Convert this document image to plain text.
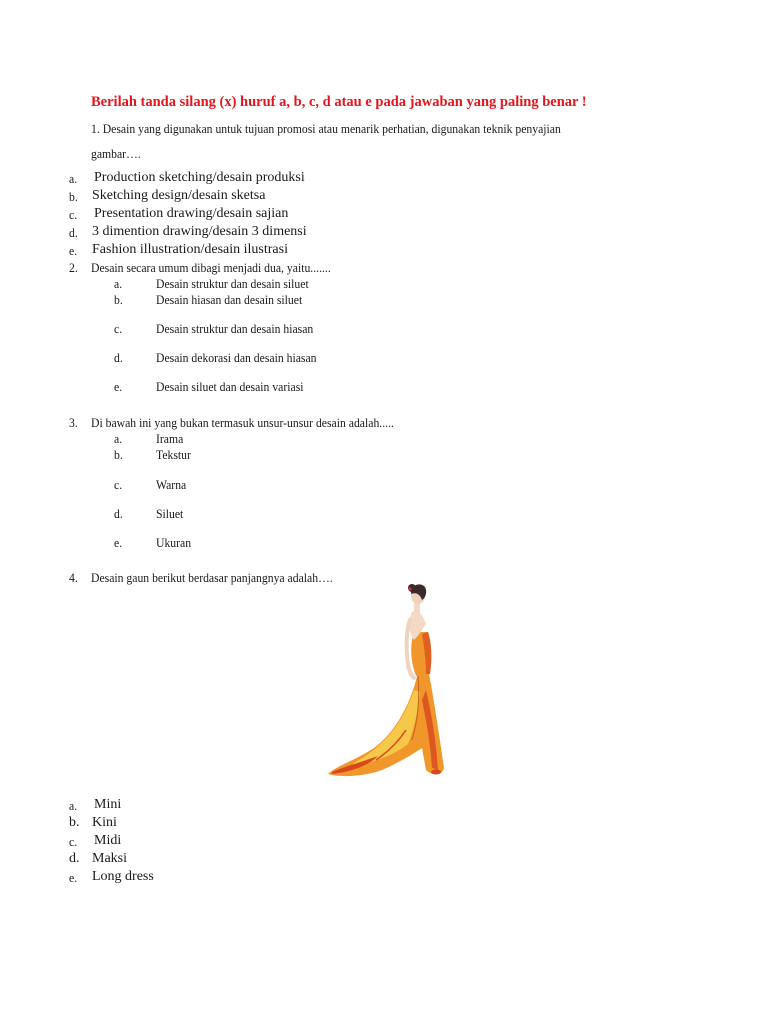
Berilah tanda silang (x) huruf a, b, c, d atau e pada jawaban yang paling benar !
1. Desain yang digunakan untuk tujuan promosi atau menarik perhatian, digunakan teknik penyajian
gambar….
a. Production sketching/desain produksi
b. Sketching design/desain sketsa
c. Presentation drawing/desain sajian
d. 3 dimention drawing/desain 3 dimensi
e. Fashion illustration/desain ilustrasi
2. Desain secara umum dibagi menjadi dua, yaitu.......
a.	Desain struktur dan desain siluet
b.	Desain hiasan dan desain siluet
c.	Desain struktur dan desain hiasan
d.	Desain dekorasi dan desain hiasan
e.	Desain siluet dan desain variasi
3. Di bawah ini yang bukan termasuk unsur-unsur desain adalah.....
a.	Irama
b.	Tekstur
c.	Warna
d.	Siluet
e.	Ukuran
4. Desain gaun berikut berdasar panjangnya adalah….
a. Mini
b. Kini
c. Midi
d. Maksi
e. Long dress
